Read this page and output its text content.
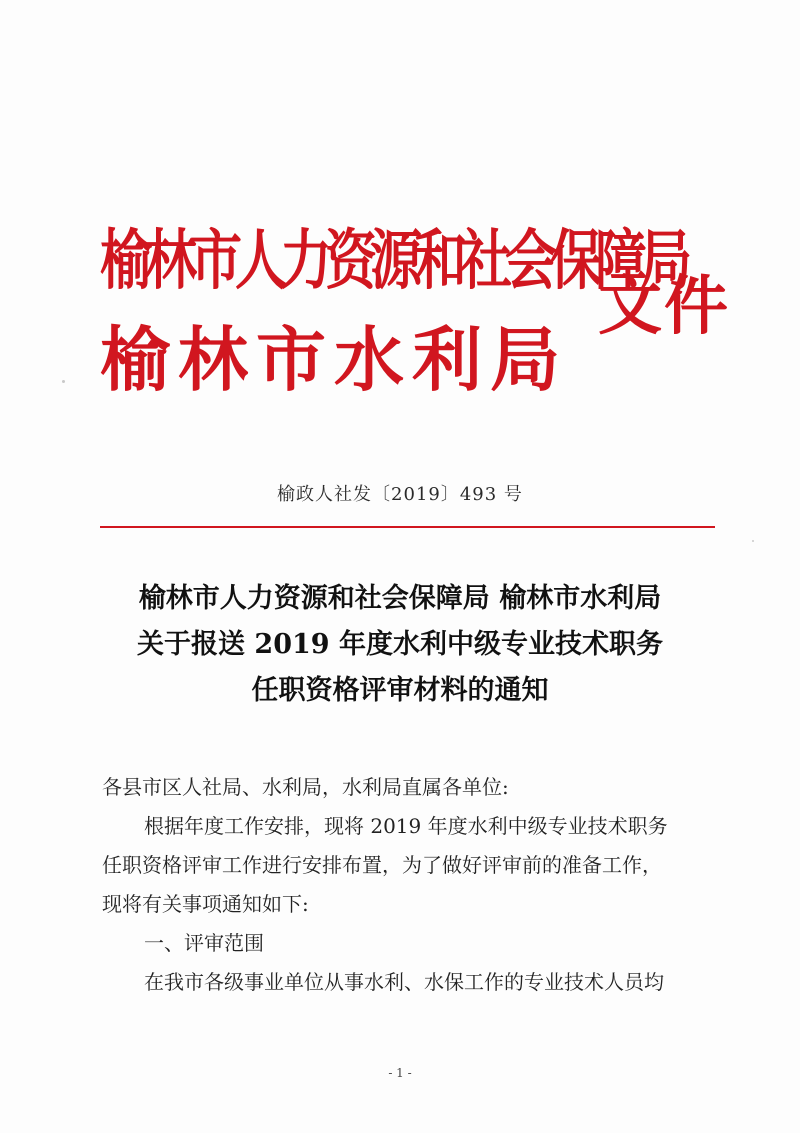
榆林市人力资源和社会保障局
榆林市水利局
文件
榆政人社发〔2019〕493 号
榆林市人力资源和社会保障局 榆林市水利局
关于报送 2019 年度水利中级专业技术职务
任职资格评审材料的通知

各县市区人社局、水利局，水利局直属各单位:

根据年度工作安排，现将 2019 年度水利中级专业技术职务

任职资格评审工作进行安排布置，为了做好评审前的准备工作，

现将有关事项通知如下:

一、评审范围

在我市各级事业单位从事水利、水保工作的专业技术人员均

- 1 -
